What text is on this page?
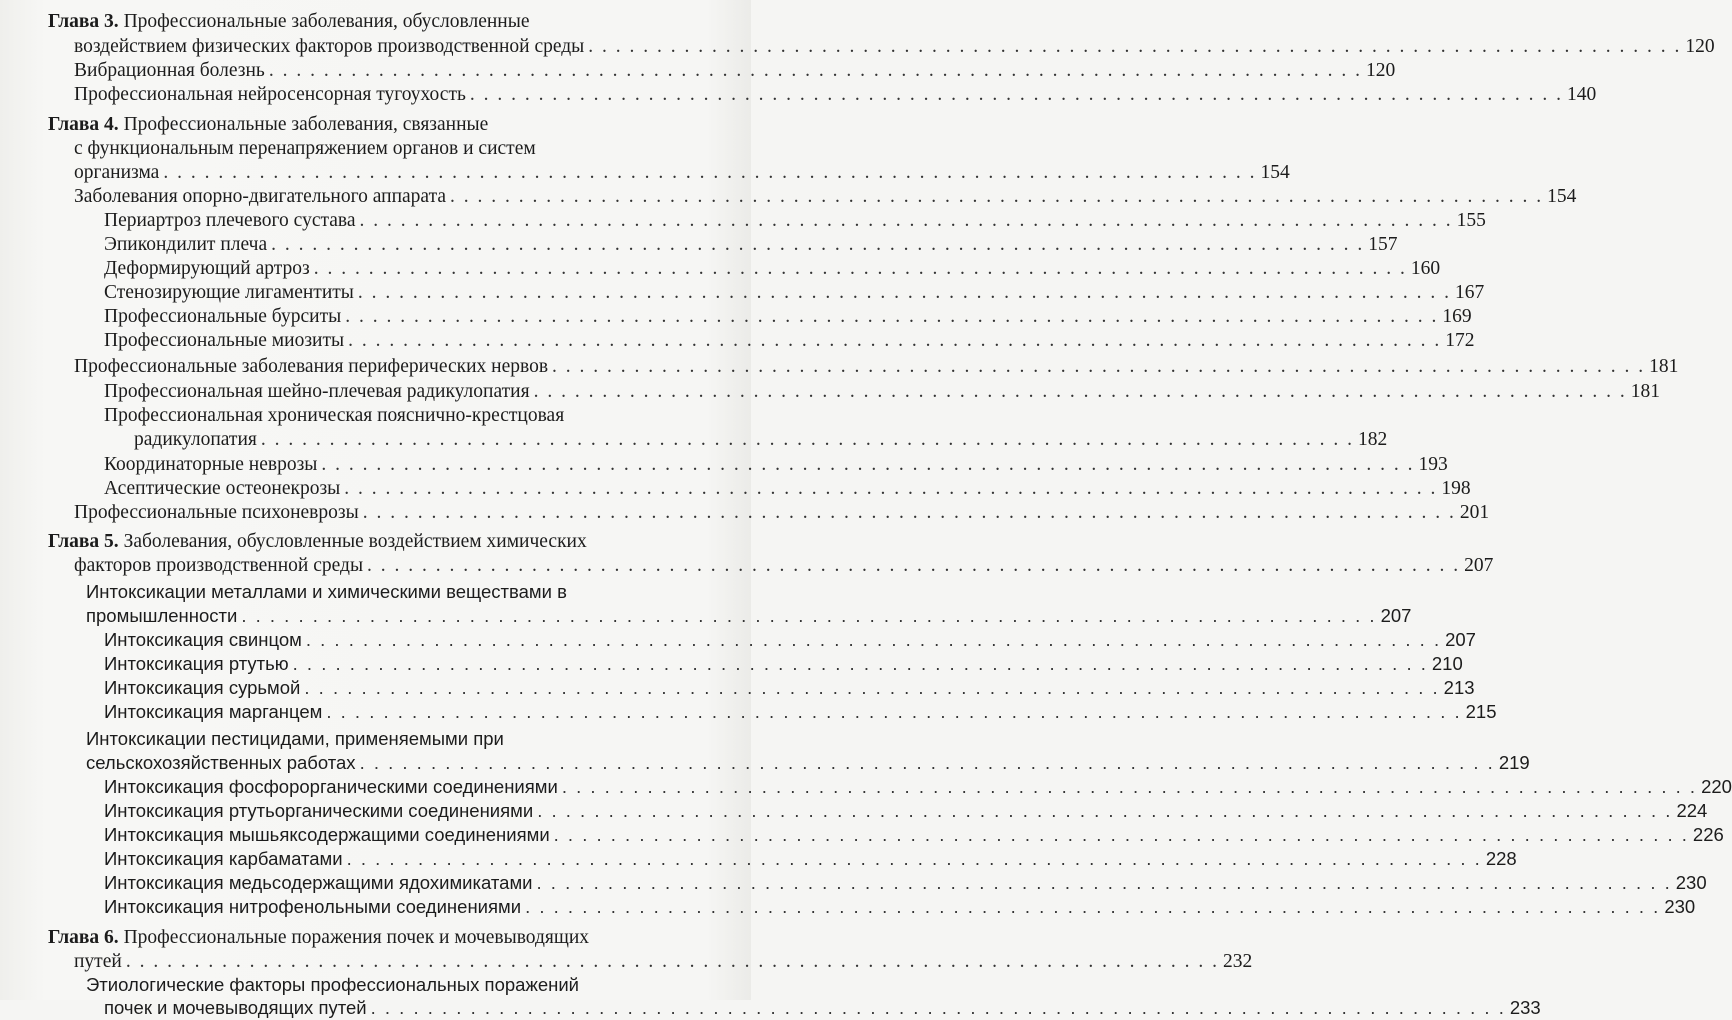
Глава 3. Профессиональные заболевания, обусловленные
воздействием физических факторов производственной среды . . .	120
Вибрационная болезнь . . .	120
Профессиональная нейросенсорная тугоухость . . .	140
Глава 4. Профессиональные заболевания, связанные
с функциональным перенапряжением органов и систем
организма . . .	154
Заболевания опорно-двигательного аппарата . . .	154
Периартроз плечевого сустава . . .	155
Эпикондилит плеча . . .	157
Деформирующий артроз . . .	160
Стенозирующие лигаментиты . . .	167
Профессиональные бурситы . . .	169
Профессиональные миозиты . . .	172
Профессиональные заболевания периферических нервов . . .	181
Профессиональная шейно-плечевая радикулопатия . . .	181
Профессиональная хроническая пояснично-крестцовая
радикулопатия . . .	182
Координаторные неврозы . . .	193
Асептические остеонекрозы . . .	198
Профессиональные психоневрозы . . .	201
Глава 5. Заболевания, обусловленные воздействием химических
факторов производственной среды . . .	207
Интоксикации металлами и химическими веществами в
промышленности . . .	207
Интоксикация свинцом . . .	207
Интоксикация ртутью . . .	210
Интоксикация сурьмой . . .	213
Интоксикация марганцем . . .	215
Интоксикации пестицидами, применяемыми при
сельскохозяйственных работах . . .	219
Интоксикация фосфорорганическими соединениями . . .	220
Интоксикация ртутьорганическими соединениями . . .	224
Интоксикация мышьяксодержащими соединениями . . .	226
Интоксикация карбаматами . . .	228
Интоксикация медьсодержащими ядохимикатами . . .	230
Интоксикация нитрофенольными соединениями . . .	230
Глава 6. Профессиональные поражения почек и мочевыводящих
путей . . .	232
Этиологические факторы профессиональных поражений
почек и мочевыводящих путей . . .	233
